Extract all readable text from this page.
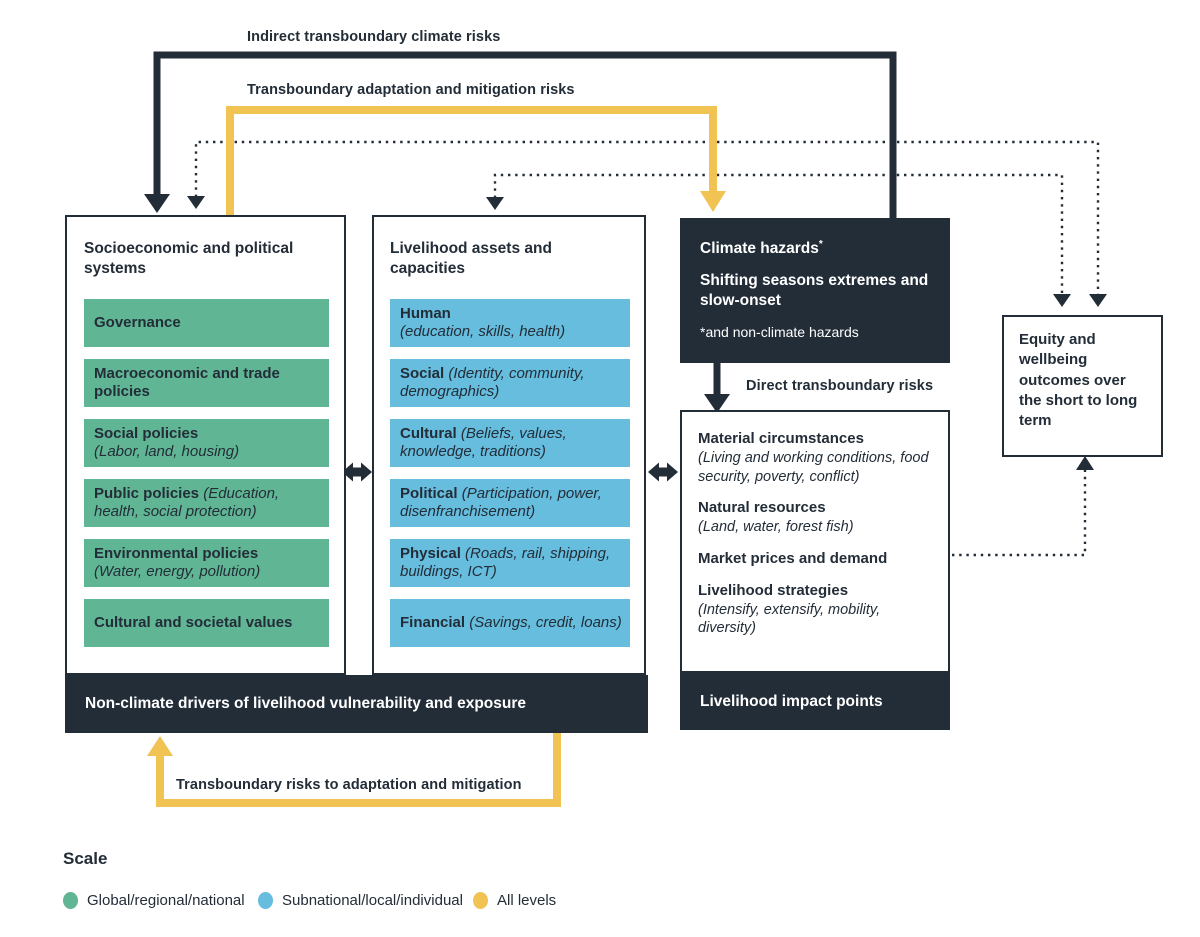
Indirect transboundary climate risks
Transboundary adaptation and mitigation risks
Direct transboundary risks
Transboundary risks to adaptation and mitigation
Socioeconomic and political systems
Governance
Macroeconomic and trade policies
Social policies
(Labor, land, housing)
Public policies (Education, health, social protection)
Environmental policies
(Water, energy, pollution)
Cultural and societal values
Livelihood assets and capacities
Human
(education, skills, health)
Social (Identity, community, demographics)
Cultural (Beliefs, values, knowledge, traditions)
Political (Participation, power, disenfranchisement)
Physical (Roads, rail, shipping, buildings, ICT)
Financial (Savings, credit, loans)
Non-climate drivers of livelihood vulnerability and exposure
Climate hazards*
Shifting seasons extremes and slow-onset
*and non-climate hazards
Material circumstances
(Living and working conditions, food security, poverty, conflict)
Natural resources
(Land, water, forest fish)
Market prices and demand
Livelihood strategies
(Intensify, extensify, mobility, diversity)
Livelihood impact points
Equity and wellbeing outcomes over the short to long term
Scale
Global/regional/national Subnational/local/individual All levels
